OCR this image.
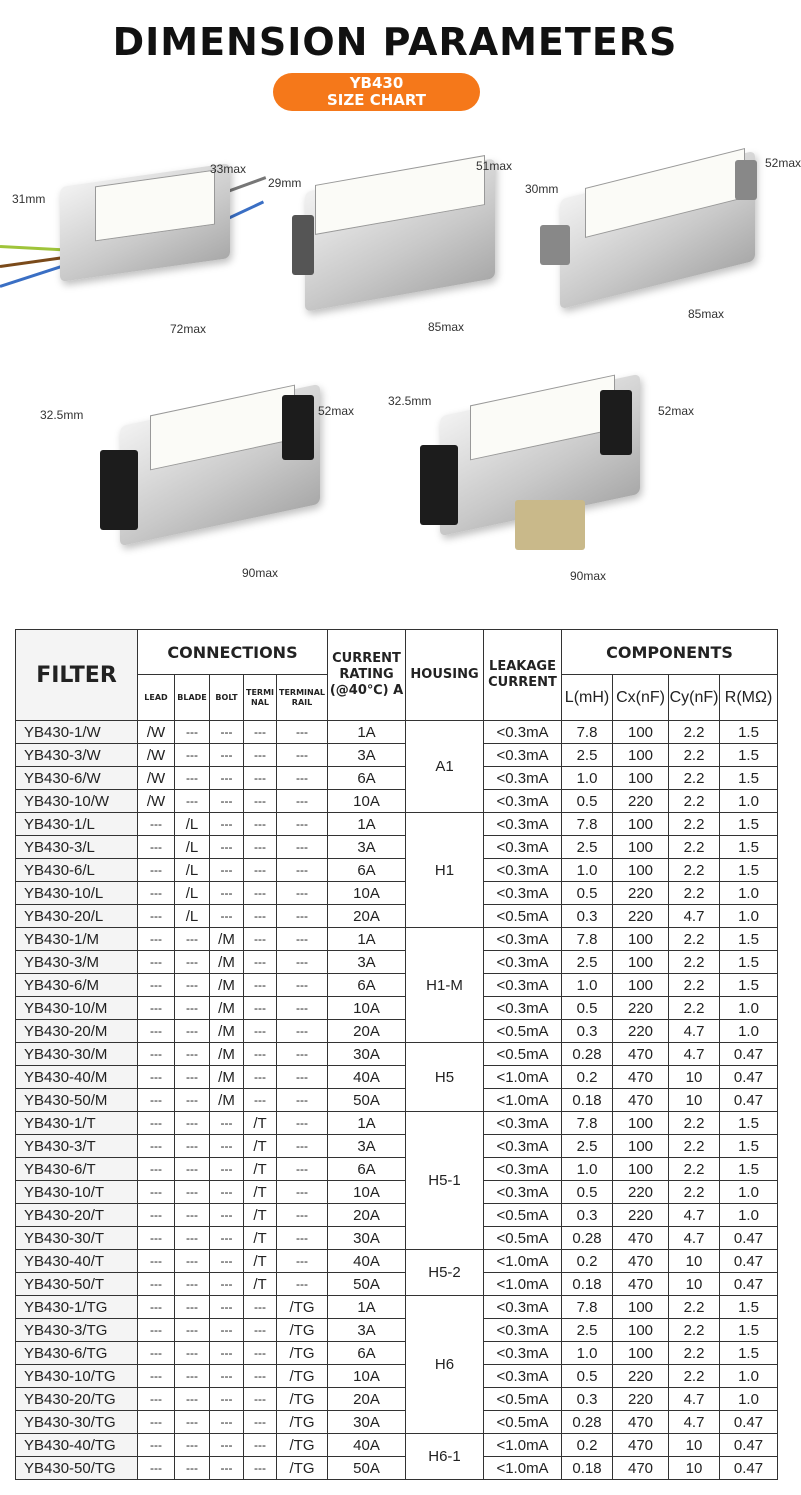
DIMENSION PARAMETERS
YB430
SIZE CHART
31mm
33max
72max
29mm
51max
85max
30mm
52max
85max
32.5mm	52max
90max
32.5mm
52max
90max
FILTER	CONNECTIONS					CURRENT RATING (@40℃) A	HOUSING	LEAKAGE CURRENT	COMPONENTS			
	LEAD	BLADE	BOLT	TERMI NAL	TERMINAL RAIL				L(mH)	Cx(nF)	Cy(nF)	R(MΩ)
YB430-1/W	/W	---	---	---	---	1A	A1	<0.3mA	7.8	100	2.2	1.5
YB430-3/W	/W	---	---	---	---	3A		<0.3mA	2.5	100	2.2	1.5
YB430-6/W	/W	---	---	---	---	6A		<0.3mA	1.0	100	2.2	1.5
YB430-10/W	/W	---	---	---	---	10A		<0.3mA	0.5	220	2.2	1.0
YB430-1/L	---	/L	---	---	---	1A	H1	<0.3mA	7.8	100	2.2	1.5
YB430-3/L	---	/L	---	---	---	3A		<0.3mA	2.5	100	2.2	1.5
YB430-6/L	---	/L	---	---	---	6A		<0.3mA	1.0	100	2.2	1.5
YB430-10/L	---	/L	---	---	---	10A		<0.3mA	0.5	220	2.2	1.0
YB430-20/L	---	/L	---	---	---	20A		<0.5mA	0.3	220	4.7	1.0
YB430-1/M	---	---	/M	---	---	1A	H1-M	<0.3mA	7.8	100	2.2	1.5
YB430-3/M	---	---	/M	---	---	3A		<0.3mA	2.5	100	2.2	1.5
YB430-6/M	---	---	/M	---	---	6A		<0.3mA	1.0	100	2.2	1.5
YB430-10/M	---	---	/M	---	---	10A		<0.3mA	0.5	220	2.2	1.0
YB430-20/M	---	---	/M	---	---	20A		<0.5mA	0.3	220	4.7	1.0
YB430-30/M	---	---	/M	---	---	30A	H5	<0.5mA	0.28	470	4.7	0.47
YB430-40/M	---	---	/M	---	---	40A		<1.0mA	0.2	470	10	0.47
YB430-50/M	---	---	/M	---	---	50A		<1.0mA	0.18	470	10	0.47
YB430-1/T	---	---	---	/T	---	1A	H5-1	<0.3mA	7.8	100	2.2	1.5
YB430-3/T	---	---	---	/T	---	3A		<0.3mA	2.5	100	2.2	1.5
YB430-6/T	---	---	---	/T	---	6A		<0.3mA	1.0	100	2.2	1.5
YB430-10/T	---	---	---	/T	---	10A		<0.3mA	0.5	220	2.2	1.0
YB430-20/T	---	---	---	/T	---	20A		<0.5mA	0.3	220	4.7	1.0
YB430-30/T	---	---	---	/T	---	30A		<0.5mA	0.28	470	4.7	0.47
YB430-40/T	---	---	---	/T	---	40A	H5-2	<1.0mA	0.2	470	10	0.47
YB430-50/T	---	---	---	/T	---	50A		<1.0mA	0.18	470	10	0.47
YB430-1/TG	---	---	---	---	/TG	1A	H6	<0.3mA	7.8	100	2.2	1.5
YB430-3/TG	---	---	---	---	/TG	3A		<0.3mA	2.5	100	2.2	1.5
YB430-6/TG	---	---	---	---	/TG	6A		<0.3mA	1.0	100	2.2	1.5
YB430-10/TG	---	---	---	---	/TG	10A		<0.3mA	0.5	220	2.2	1.0
YB430-20/TG	---	---	---	---	/TG	20A		<0.5mA	0.3	220	4.7	1.0
YB430-30/TG	---	---	---	---	/TG	30A		<0.5mA	0.28	470	4.7	0.47
YB430-40/TG	---	---	---	---	/TG	40A	H6-1	<1.0mA	0.2	470	10	0.47
YB430-50/TG	---	---	---	---	/TG	50A		<1.0mA	0.18	470	10	0.47
